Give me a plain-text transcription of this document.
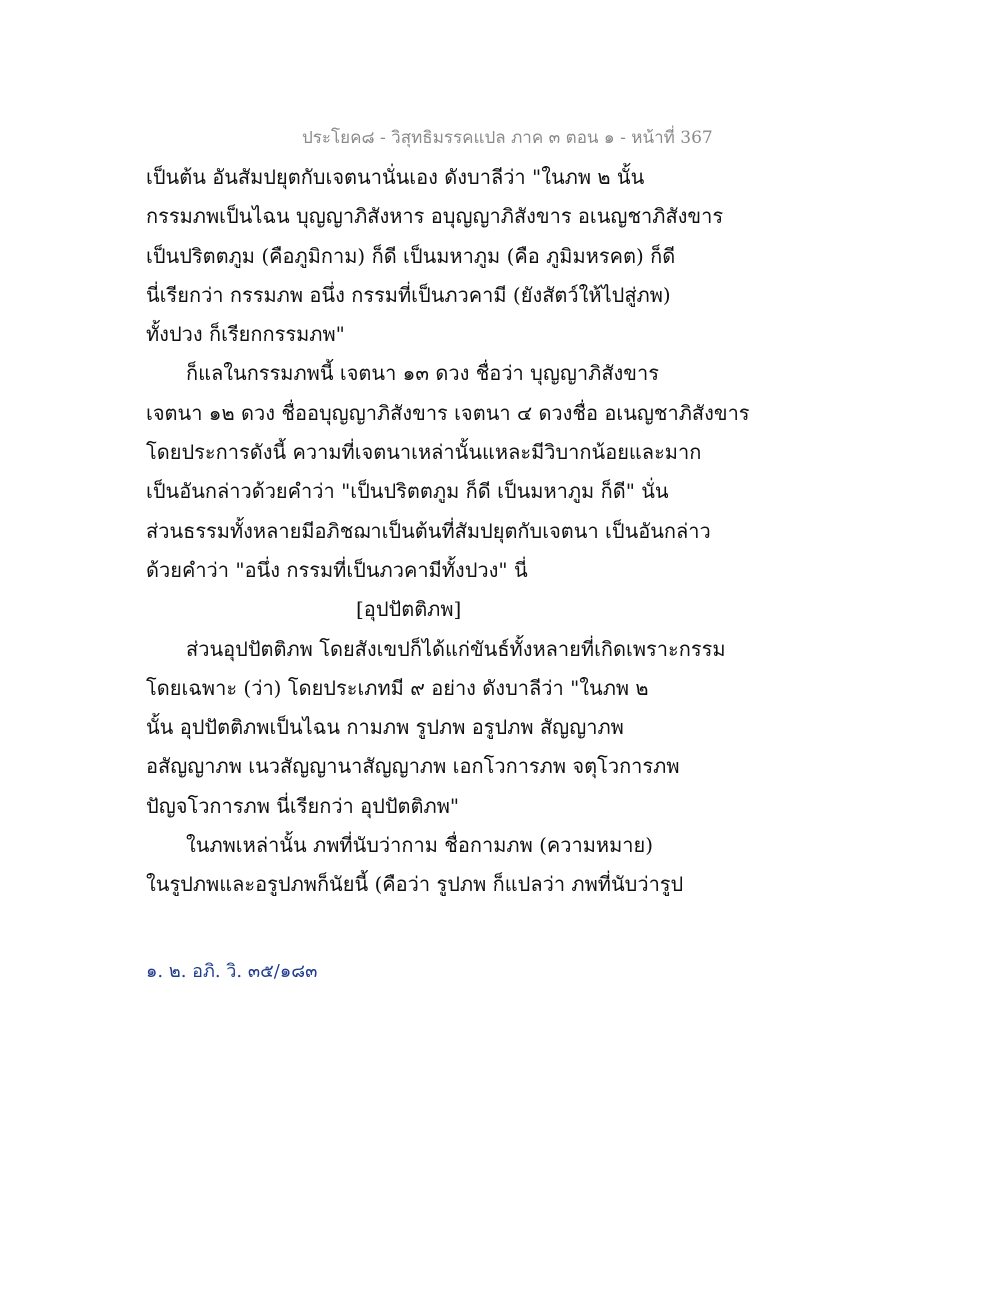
ประโยค๘ - วิสุทธิมรรคแปล ภาค ๓ ตอน ๑ - หน้าที่ 367
เป็นต้น อันสัมปยุตกับเจตนานั่นเอง ดังบาลีว่า "ในภพ ๒ นั้น
กรรมภพเป็นไฉน บุญญาภิสังหาร อบุญญาภิสังขาร อเนญชาภิสังขาร
เป็นปริตตภูม (คือภูมิกาม) ก็ดี เป็นมหาภูม (คือ ภูมิมหรคต) ก็ดี
นี่เรียกว่า กรรมภพ อนึ่ง กรรมที่เป็นภวคามี (ยังสัตว์ให้ไปสู่ภพ)
ทั้งปวง ก็เรียกกรรมภพ"
ก็แลในกรรมภพนี้ เจตนา ๑๓ ดวง ชื่อว่า บุญญาภิสังขาร
เจตนา ๑๒ ดวง ชื่ออบุญญาภิสังขาร เจตนา ๔ ดวงชื่อ อเนญชาภิสังขาร
โดยประการดังนี้ ความที่เจตนาเหล่านั้นแหละมีวิบากน้อยและมาก
เป็นอันกล่าวด้วยคำว่า "เป็นปริตตภูม ก็ดี เป็นมหาภูม ก็ดี" นั่น
ส่วนธรรมทั้งหลายมีอภิชฌาเป็นต้นที่สัมปยุตกับเจตนา เป็นอันกล่าว
ด้วยคำว่า "อนึ่ง กรรมที่เป็นภวคามีทั้งปวง" นี่
[อุปปัตติภพ]
ส่วนอุปปัตติภพ โดยสังเขปก็ได้แก่ขันธ์ทั้งหลายที่เกิดเพราะกรรม
โดยเฉพาะ (ว่า) โดยประเภทมี ๙ อย่าง ดังบาลีว่า "ในภพ ๒
นั้น อุปปัตติภพเป็นไฉน กามภพ รูปภพ อรูปภพ สัญญาภพ
อสัญญาภพ เนวสัญญานาสัญญาภพ เอกโวการภพ จตุโวการภพ
ปัญจโวการภพ นี่เรียกว่า อุปปัตติภพ"
ในภพเหล่านั้น ภพที่นับว่ากาม ชื่อกามภพ (ความหมาย)
ในรูปภพและอรูปภพก็นัยนี้ (คือว่า รูปภพ ก็แปลว่า ภพที่นับว่ารูป
๑. ๒. อภิ. วิ. ๓๕/๑๘๓
